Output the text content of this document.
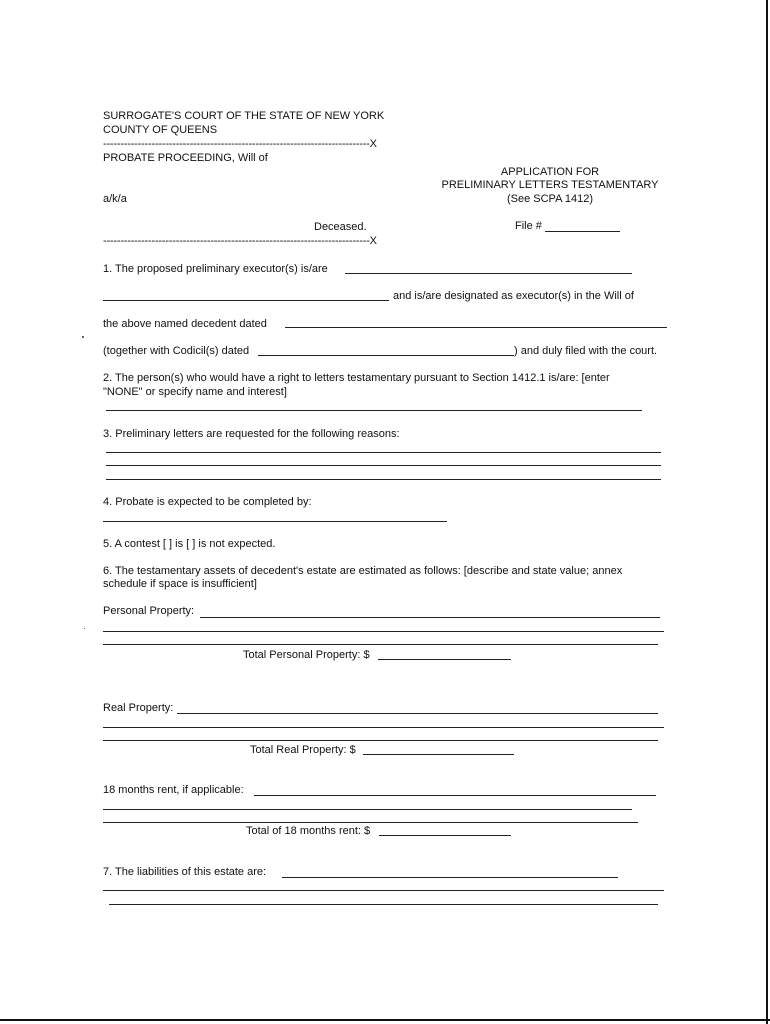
SURROGATE'S COURT OF THE STATE OF NEW YORK
COUNTY OF QUEENS
-----------------------------------------------------------------------------X
PROBATE PROCEEDING, Will of
a/k/a
Deceased.
-----------------------------------------------------------------------------X
APPLICATION FOR
PRELIMINARY LETTERS TESTAMENTARY
(See SCPA 1412)
File #
1. The proposed preliminary executor(s) is/are
and is/are designated as executor(s) in the Will of
the above named decedent dated
(together with Codicil(s) dated	) and duly filed with the court.
2. The person(s) who would have a right to letters testamentary pursuant to Section 1412.1 is/are: [enter
"NONE" or specify name and interest]
3. Preliminary letters are requested for the following reasons:
4. Probate is expected to be completed by:
5. A contest [ ] is [ ] is not expected.
6. The testamentary assets of decedent's estate are estimated as follows: [describe and state value; annex
schedule if space is insufficient]
Personal Property:
Total Personal Property: $
Real Property:
Total Real Property: $
18 months rent, if applicable:
Total of 18 months rent: $
7. The liabilities of this estate are:
